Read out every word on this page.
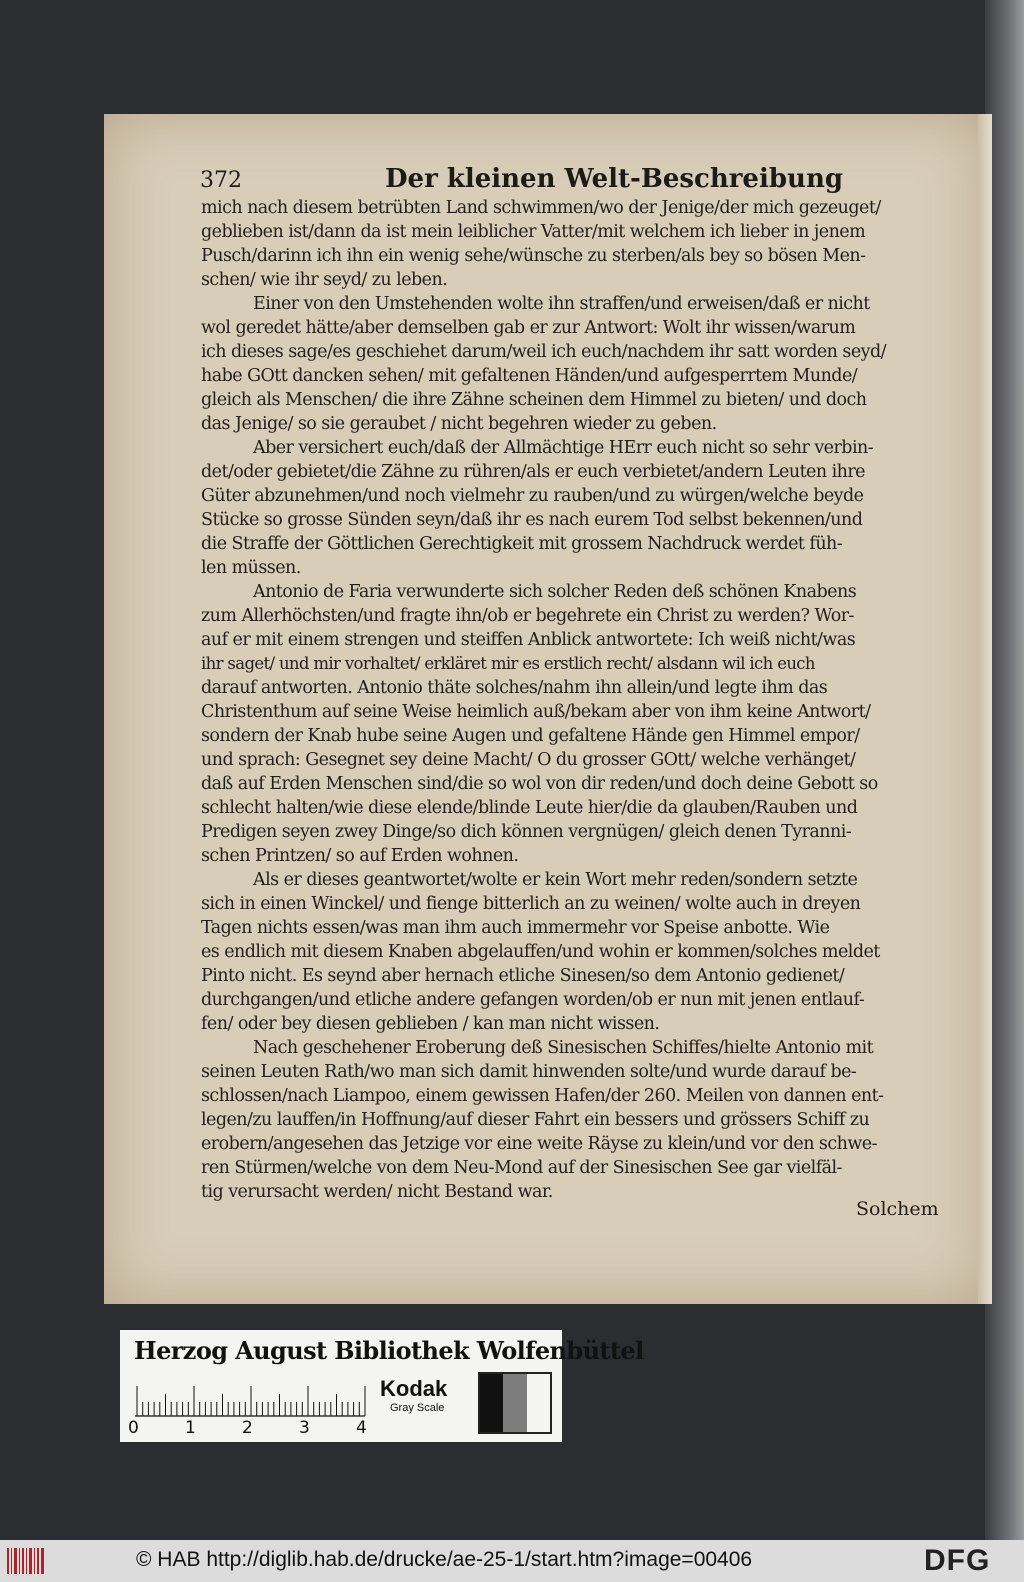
372	Der kleinen Welt-Beschreibung
mich nach diesem betrübten Land schwimmen/wo der Jenige/der mich gezeuget/
geblieben ist/dann da ist mein leiblicher Vatter/mit welchem ich lieber in jenem
Pusch/darinn ich ihn ein wenig sehe/wünsche zu sterben/als bey so bösen Men-
schen/ wie ihr seyd/ zu leben.
Einer von den Umstehenden wolte ihn straffen/und erweisen/daß er nicht
wol geredet hätte/aber demselben gab er zur Antwort: Wolt ihr wissen/warum
ich dieses sage/es geschiehet darum/weil ich euch/nachdem ihr satt worden seyd/
habe GOtt dancken sehen/ mit gefaltenen Händen/und aufgesperrtem Munde/
gleich als Menschen/ die ihre Zähne scheinen dem Himmel zu bieten/ und doch
das Jenige/ so sie geraubet / nicht begehren wieder zu geben.
Aber versichert euch/daß der Allmächtige HErr euch nicht so sehr verbin-
det/oder gebietet/die Zähne zu rühren/als er euch verbietet/andern Leuten ihre
Güter abzunehmen/und noch vielmehr zu rauben/und zu würgen/welche beyde
Stücke so grosse Sünden seyn/daß ihr es nach eurem Tod selbst bekennen/und
die Straffe der Göttlichen Gerechtigkeit mit grossem Nachdruck werdet füh-
len müssen.
Antonio de Faria verwunderte sich solcher Reden deß schönen Knabens
zum Allerhöchsten/und fragte ihn/ob er begehrete ein Christ zu werden? Wor-
auf er mit einem strengen und steiffen Anblick antwortete: Ich weiß nicht/was
ihr saget/ und mir vorhaltet/ erkläret mir es erstlich recht/ alsdann wil ich euch
darauf antworten. Antonio thäte solches/nahm ihn allein/und legte ihm das
Christenthum auf seine Weise heimlich auß/bekam aber von ihm keine Antwort/
sondern der Knab hube seine Augen und gefaltene Hände gen Himmel empor/
und sprach: Gesegnet sey deine Macht/ O du grosser GOtt/ welche verhänget/
daß auf Erden Menschen sind/die so wol von dir reden/und doch deine Gebott so
schlecht halten/wie diese elende/blinde Leute hier/die da glauben/Rauben und
Predigen seyen zwey Dinge/so dich können vergnügen/ gleich denen Tyranni-
schen Printzen/ so auf Erden wohnen.
Als er dieses geantwortet/wolte er kein Wort mehr reden/sondern setzte
sich in einen Winckel/ und fienge bitterlich an zu weinen/ wolte auch in dreyen
Tagen nichts essen/was man ihm auch immermehr vor Speise anbotte. Wie
es endlich mit diesem Knaben abgelauffen/und wohin er kommen/solches meldet
Pinto nicht. Es seynd aber hernach etliche Sinesen/so dem Antonio gedienet/
durchgangen/und etliche andere gefangen worden/ob er nun mit jenen entlauf-
fen/ oder bey diesen geblieben / kan man nicht wissen.
Nach geschehener Eroberung deß Sinesischen Schiffes/hielte Antonio mit
seinen Leuten Rath/wo man sich damit hinwenden solte/und wurde darauf be-
schlossen/nach Liampoo, einem gewissen Hafen/der 260. Meilen von dannen ent-
legen/zu lauffen/in Hoffnung/auf dieser Fahrt ein bessers und grössers Schiff zu
erobern/angesehen das Jetzige vor eine weite Räyse zu klein/und vor den schwe-
ren Stürmen/welche von dem Neu-Mond auf der Sinesischen See gar vielfäl-
tig verursacht werden/ nicht Bestand war.
Solchem
Herzog August Bibliothek Wolfenbüttel
0	1	2	3	4
Kodak
Gray Scale
© HAB http://diglib.hab.de/drucke/ae-25-1/start.htm?image=00406	DFG
